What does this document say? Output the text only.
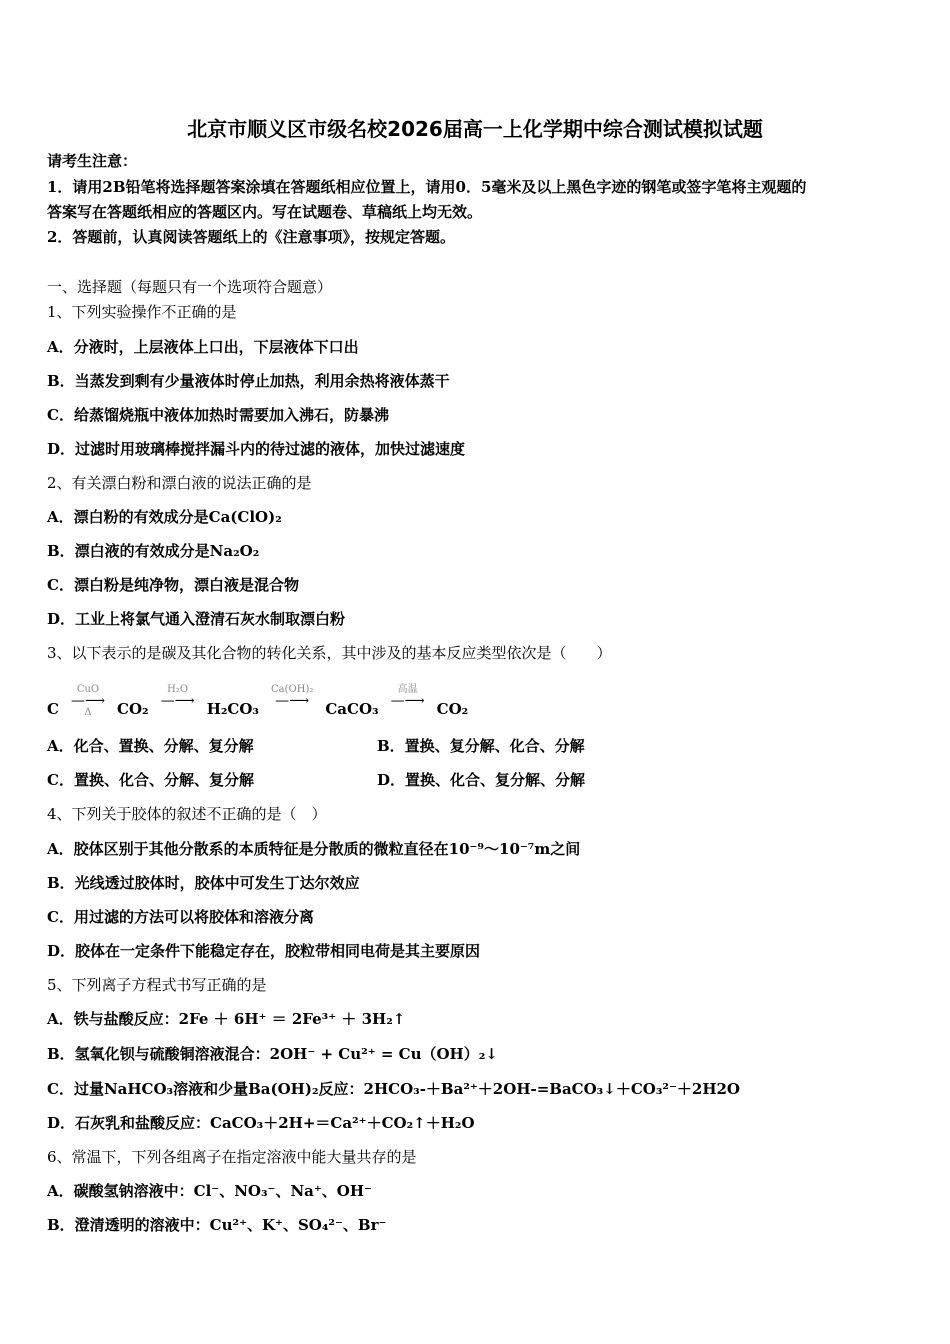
北京市顺义区市级名校2026届高一上化学期中综合测试模拟试题
请考生注意：
1．请用2B铅笔将选择题答案涂填在答题纸相应位置上，请用0．5毫米及以上黑色字迹的钢笔或签字笔将主观题的
答案写在答题纸相应的答题区内。写在试题卷、草稿纸上均无效。
2．答题前，认真阅读答题纸上的《注意事项》，按规定答题。
一、选择题（每题只有一个选项符合题意）
1、下列实验操作不正确的是
A．分液时，上层液体上口出，下层液体下口出
B．当蒸发到剩有少量液体时停止加热，利用余热将液体蒸干
C．给蒸馏烧瓶中液体加热时需要加入沸石，防暴沸
D．过滤时用玻璃棒搅拌漏斗内的待过滤的液体，加快过滤速度
2、有关漂白粉和漂白液的说法正确的是
A．漂白粉的有效成分是Ca(ClO)₂
B．漂白液的有效成分是Na₂O₂
C．漂白粉是纯净物，漂白液是混合物
D．工业上将氯气通入澄清石灰水制取漂白粉
3、以下表示的是碳及其化合物的转化关系，其中涉及的基本反应类型依次是（　　）
C
CuO
—⟶
Δ CO₂
H₂O
—⟶
H₂CO₃
Ca(OH)₂
—⟶
CaCO₃
高温
—⟶
CO₂
A．化合、置换、分解、复分解	B．置换、复分解、化合、分解
C．置换、化合、分解、复分解	D．置换、化合、复分解、分解
4、下列关于胶体的叙述不正确的是（　）
A．胶体区别于其他分散系的本质特征是分散质的微粒直径在10⁻⁹～10⁻⁷m之间
B．光线透过胶体时，胶体中可发生丁达尔效应
C．用过滤的方法可以将胶体和溶液分离
D．胶体在一定条件下能稳定存在，胶粒带相同电荷是其主要原因
5、下列离子方程式书写正确的是
A．铁与盐酸反应：2Fe ＋ 6H⁺ ＝ 2Fe³⁺ ＋ 3H₂↑
B．氢氧化钡与硫酸铜溶液混合：2OH⁻ + Cu²⁺ = Cu（OH）₂↓
C．过量NaHCO₃溶液和少量Ba(OH)₂反应：2HCO₃-＋Ba²⁺＋2OH-=BaCO₃↓＋CO₃²⁻＋2H2O
D．石灰乳和盐酸反应：CaCO₃＋2H+＝Ca²⁺＋CO₂↑＋H₂O
6、常温下，下列各组离子在指定溶液中能大量共存的是
A．碳酸氢钠溶液中：Cl⁻、NO₃⁻、Na⁺、OH⁻
B．澄清透明的溶液中：Cu²⁺、K⁺、SO₄²⁻、Br⁻
